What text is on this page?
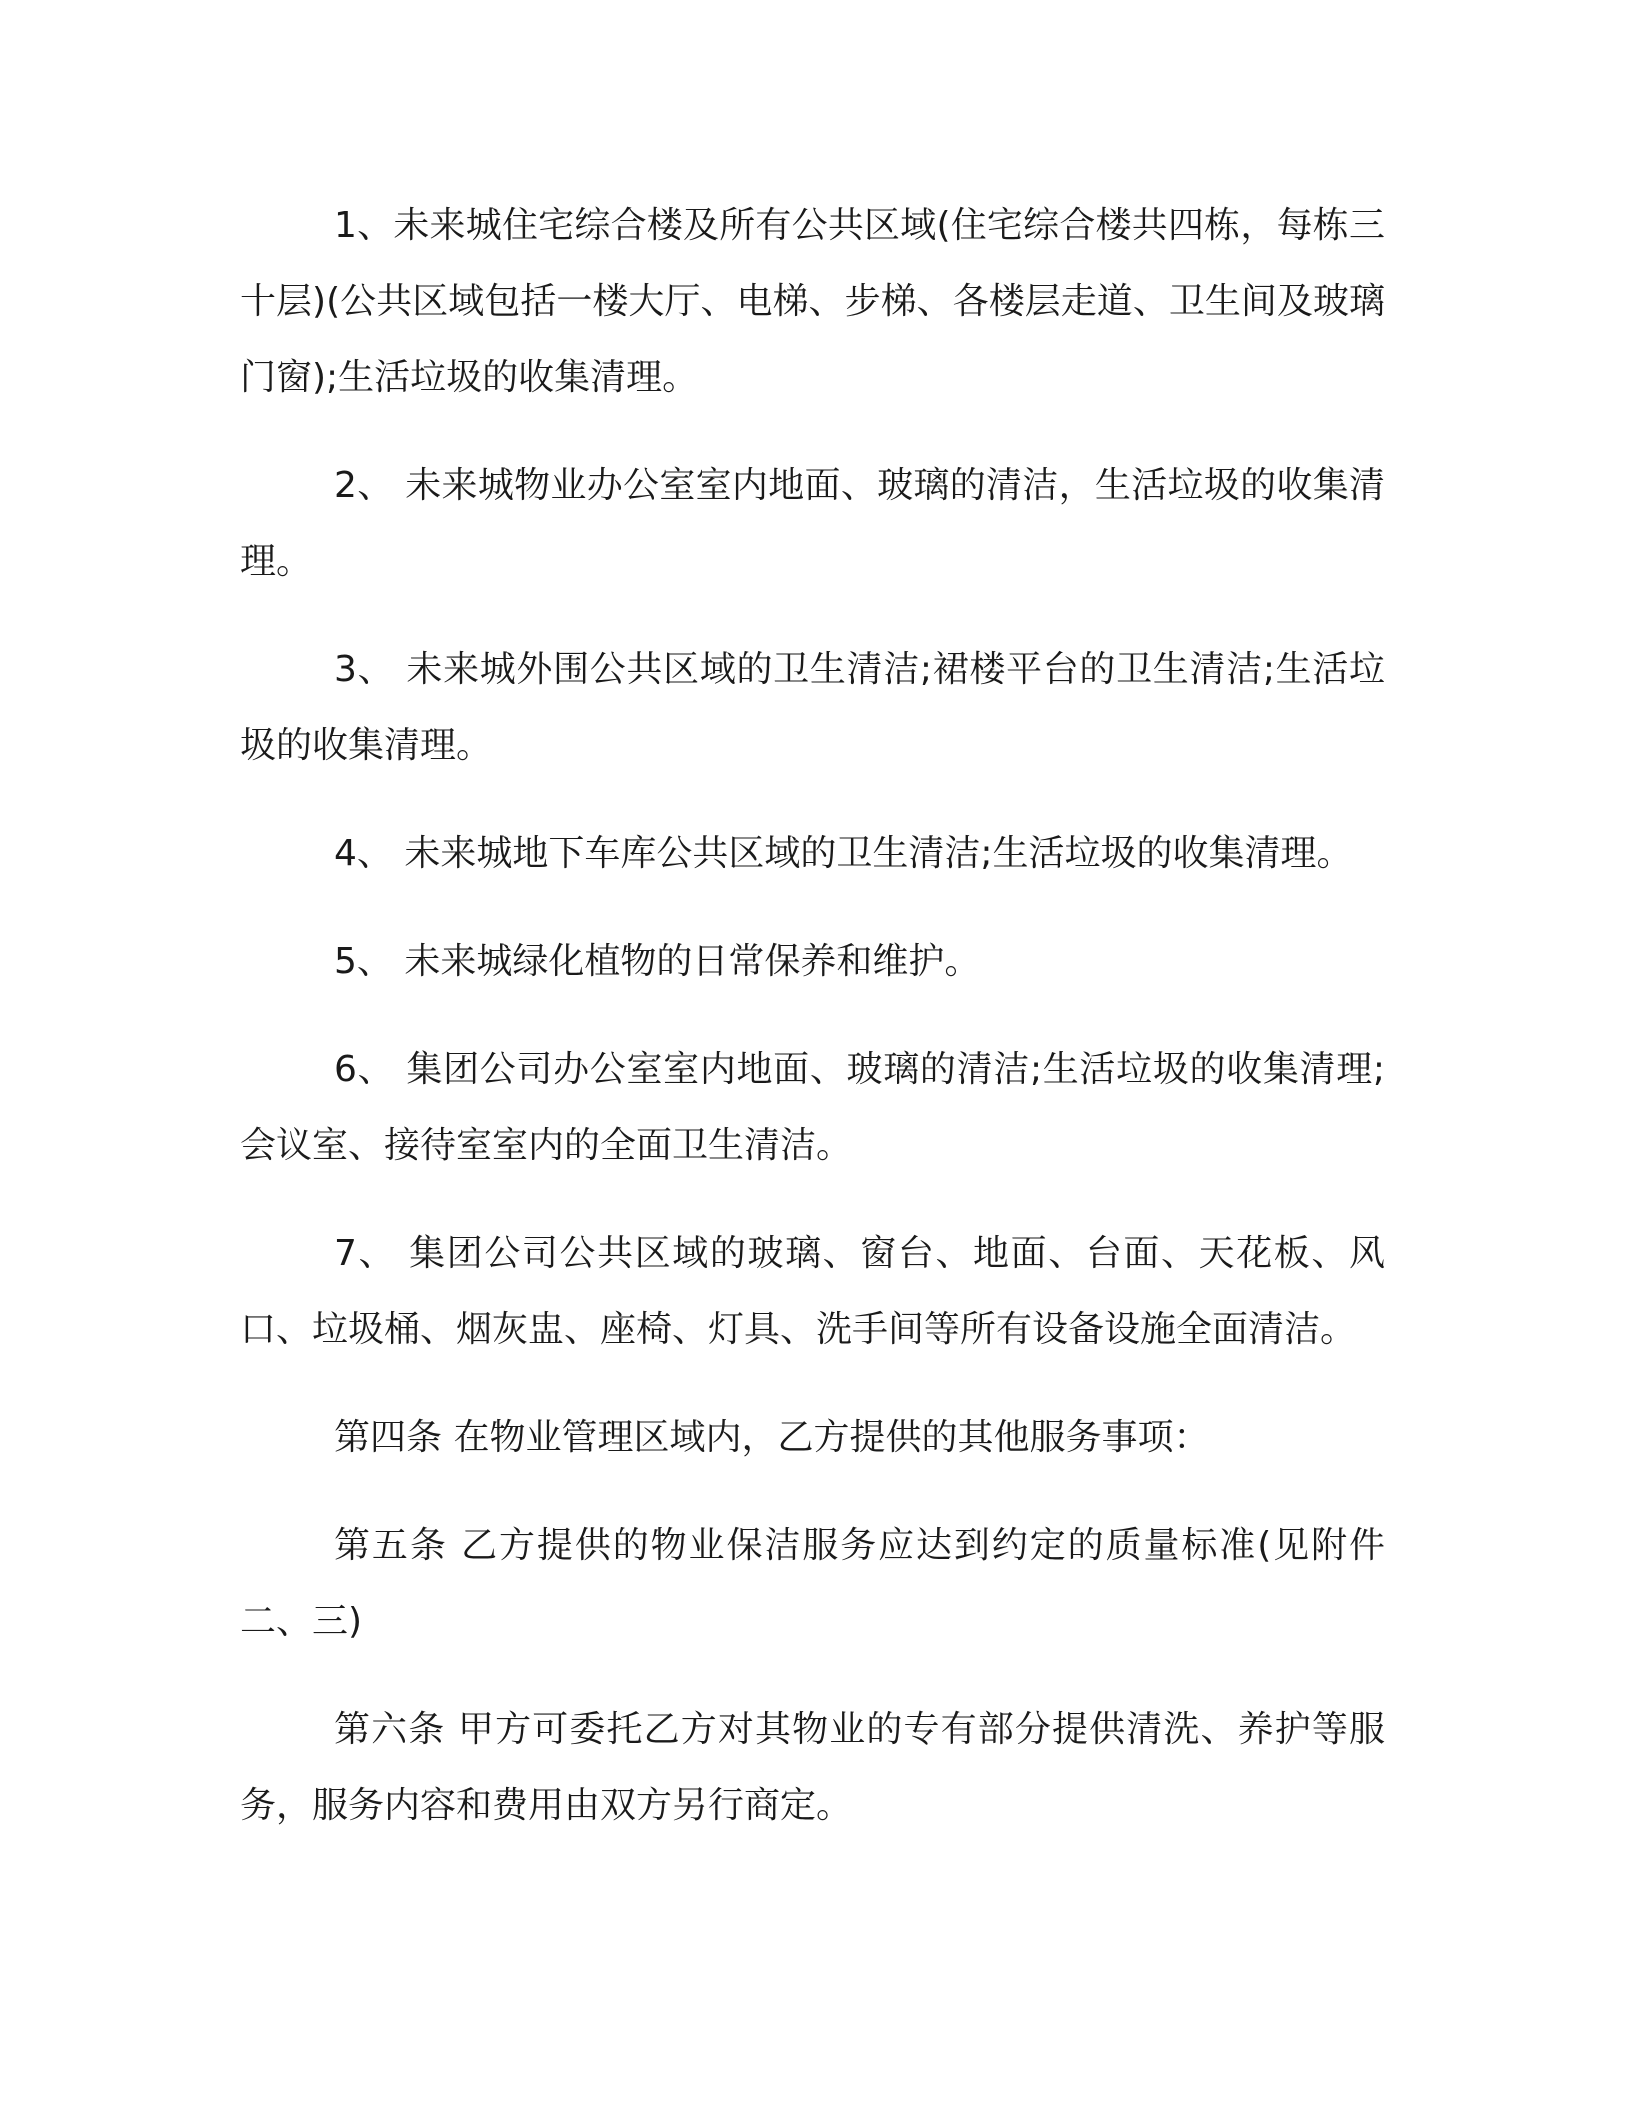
1、未来城住宅综合楼及所有公共区域(住宅综合楼共四栋，每栋三十层)(公共区域包括一楼大厅、电梯、步梯、各楼层走道、卫生间及玻璃门窗);生活垃圾的收集清理。

2、 未来城物业办公室室内地面、玻璃的清洁，生活垃圾的收集清理。

3、 未来城外围公共区域的卫生清洁;裙楼平台的卫生清洁;生活垃圾的收集清理。

4、 未来城地下车库公共区域的卫生清洁;生活垃圾的收集清理。

5、 未来城绿化植物的日常保养和维护。

6、 集团公司办公室室内地面、玻璃的清洁;生活垃圾的收集清理;会议室、接待室室内的全面卫生清洁。

7、 集团公司公共区域的玻璃、窗台、地面、台面、天花板、风口、垃圾桶、烟灰盅、座椅、灯具、洗手间等所有设备设施全面清洁。

第四条 在物业管理区域内，乙方提供的其他服务事项：

第五条 乙方提供的物业保洁服务应达到约定的质量标准(见附件二、三)

第六条 甲方可委托乙方对其物业的专有部分提供清洗、养护等服务，服务内容和费用由双方另行商定。
